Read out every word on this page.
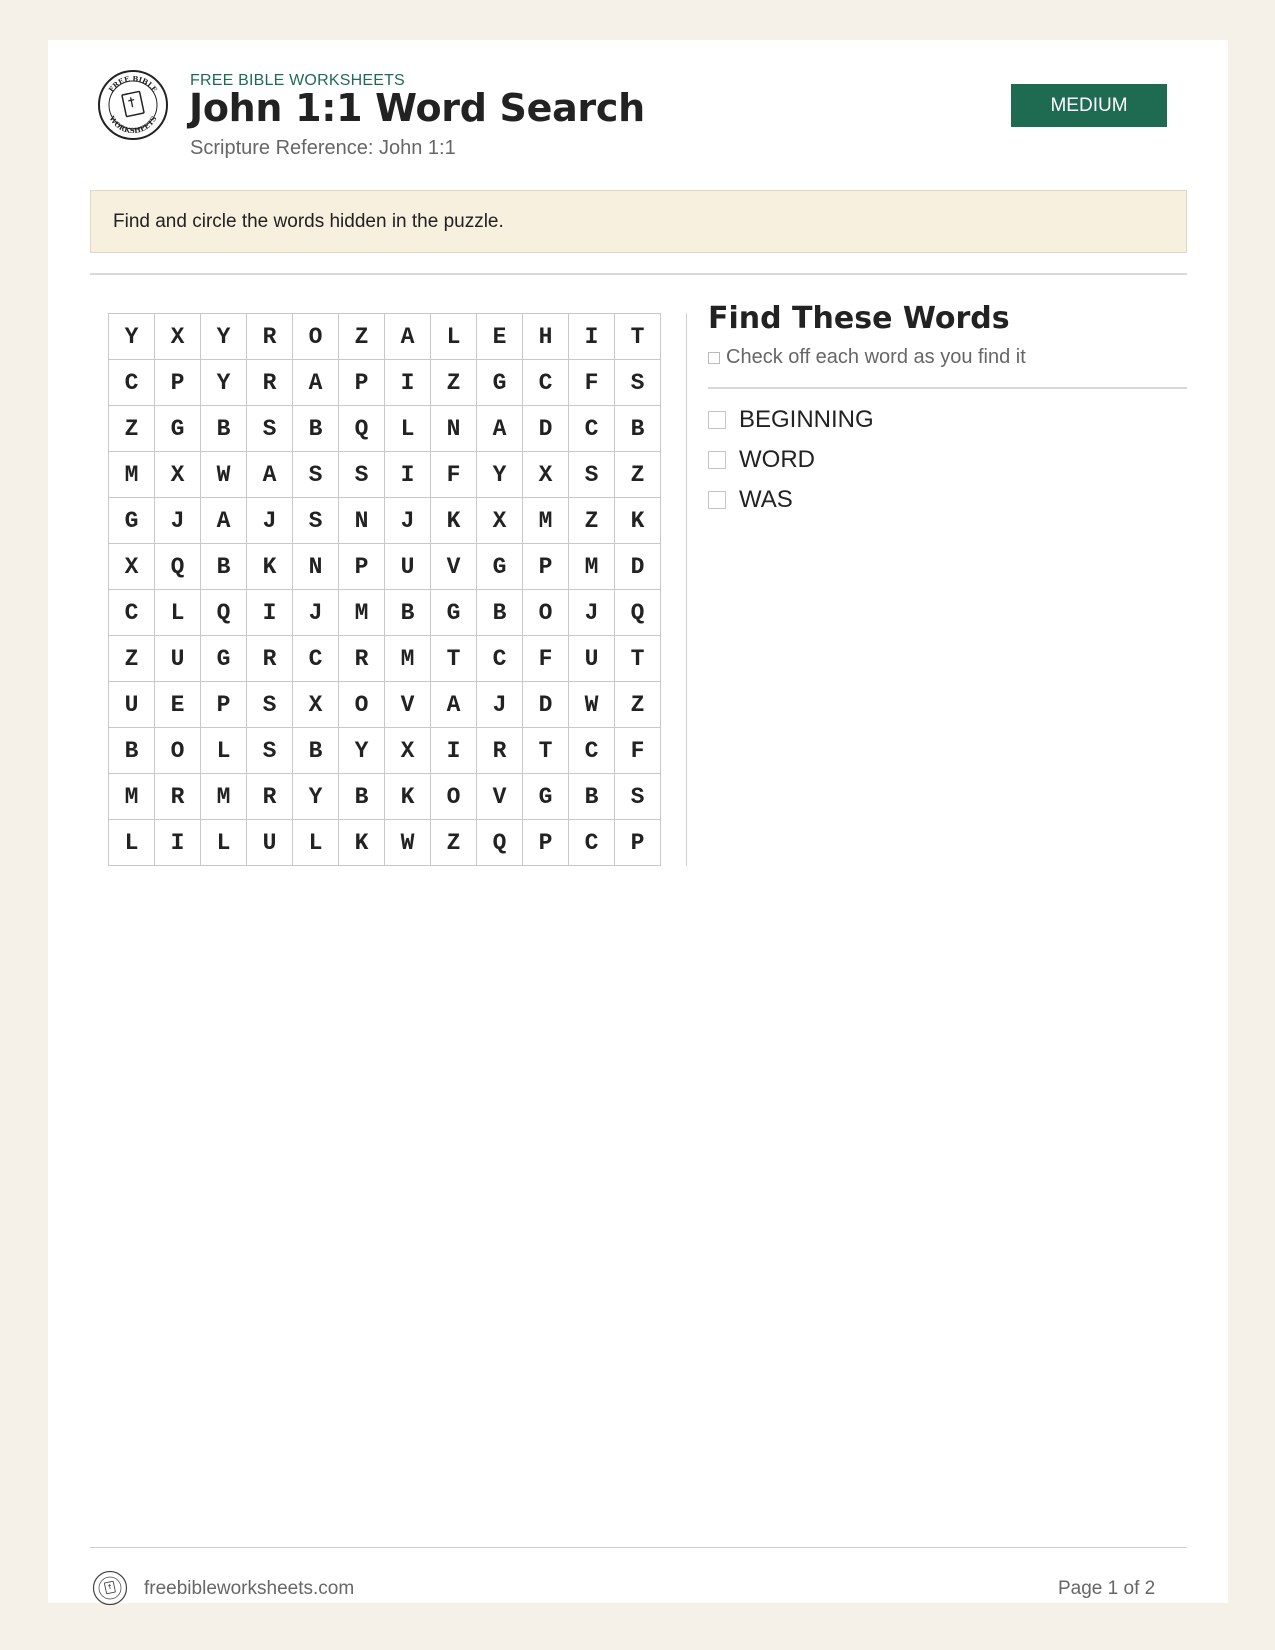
FREE BIBLE
WORKSHEETS
FREE BIBLE WORKSHEETS
John 1:1 Word Search
Scripture Reference: John 1:1
MEDIUM
Find and circle the words hidden in the puzzle.
Y	X	Y	R	O	Z	A	L	E	H	I	T
C	P	Y	R	A	P	I	Z	G	C	F	S
Z	G	B	S	B	Q	L	N	A	D	C	B
M	X	W	A	S	S	I	F	Y	X	S	Z
G	J	A	J	S	N	J	K	X	M	Z	K
X	Q	B	K	N	P	U	V	G	P	M	D
C	L	Q	I	J	M	B	G	B	O	J	Q
Z	U	G	R	C	R	M	T	C	F	U	T
U	E	P	S	X	O	V	A	J	D	W	Z
B	O	L	S	B	Y	X	I	R	T	C	F
M	R	M	R	Y	B	K	O	V	G	B	S
L	I	L	U	L	K	W	Z	Q	P	C	P
Find These Words
Check off each word as you find it
BEGINNING
WORD
WAS
freebibleworksheets.com	Page 1 of 2
